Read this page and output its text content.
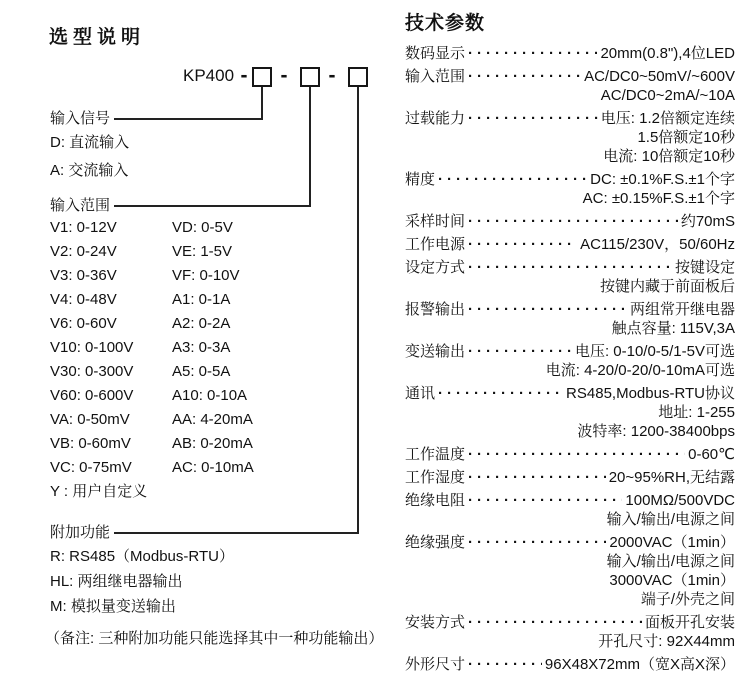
选型说明
KP400 - - -
输入信号
D: 直流输入
A: 交流输入
输入范围
V1: 0-12V	VD: 0-5V
V2: 0-24V	VE: 1-5V
V3: 0-36V	VF: 0-10V
V4: 0-48V	A1: 0-1A
V6: 0-60V	A2: 0-2A
V10: 0-100V	A3: 0-3A
V30: 0-300V	A5: 0-5A
V60: 0-600V	A10: 0-10A
VA: 0-50mV	AA: 4-20mA
VB: 0-60mV	AB: 0-20mA
VC: 0-75mV	AC: 0-10mA
Y : 用户自定义
附加功能
R: RS485（Modbus-RTU）
HL: 两组继电器输出
M: 模拟量变送输出
（备注: 三种附加功能只能选择其中一种功能输出）
技术参数
数码显示 ·····	20mm(0.8"),4位LED
输入范围 ·····	AC/DC0~50mV/~600V
AC/DC0~2mA/~10A
过载能力 ·····	电压: 1.2倍额定连续
1.5倍额定10秒
电流: 10倍额定10秒
精度 ·····	DC: ±0.1%F.S.±1个字
AC: ±0.15%F.S.±1个字
采样时间 ·····	约70mS
工作电源 ·····	AC115/230V，50/60Hz
设定方式 ·····	按键设定
按键内藏于前面板后
报警输出 ·····	两组常开继电器
触点容量: 115V,3A
变送输出 ·····	电压: 0-10/0-5/1-5V可选
电流: 4-20/0-20/0-10mA可选
通讯 ·····	RS485,Modbus-RTU协议
地址: 1-255
波特率: 1200-38400bps
工作温度 ·····	0-60℃
工作湿度 ·····	20~95%RH,无结露
绝缘电阻 ·····	100MΩ/500VDC
输入/输出/电源之间
绝缘强度 ·····	2000VAC（1min）
输入/输出/电源之间
3000VAC（1min）
端子/外壳之间
安装方式 ·····	面板开孔安装
开孔尺寸: 92X44mm
外形尺寸 ·····	96X48X72mm（宽X高X深）
